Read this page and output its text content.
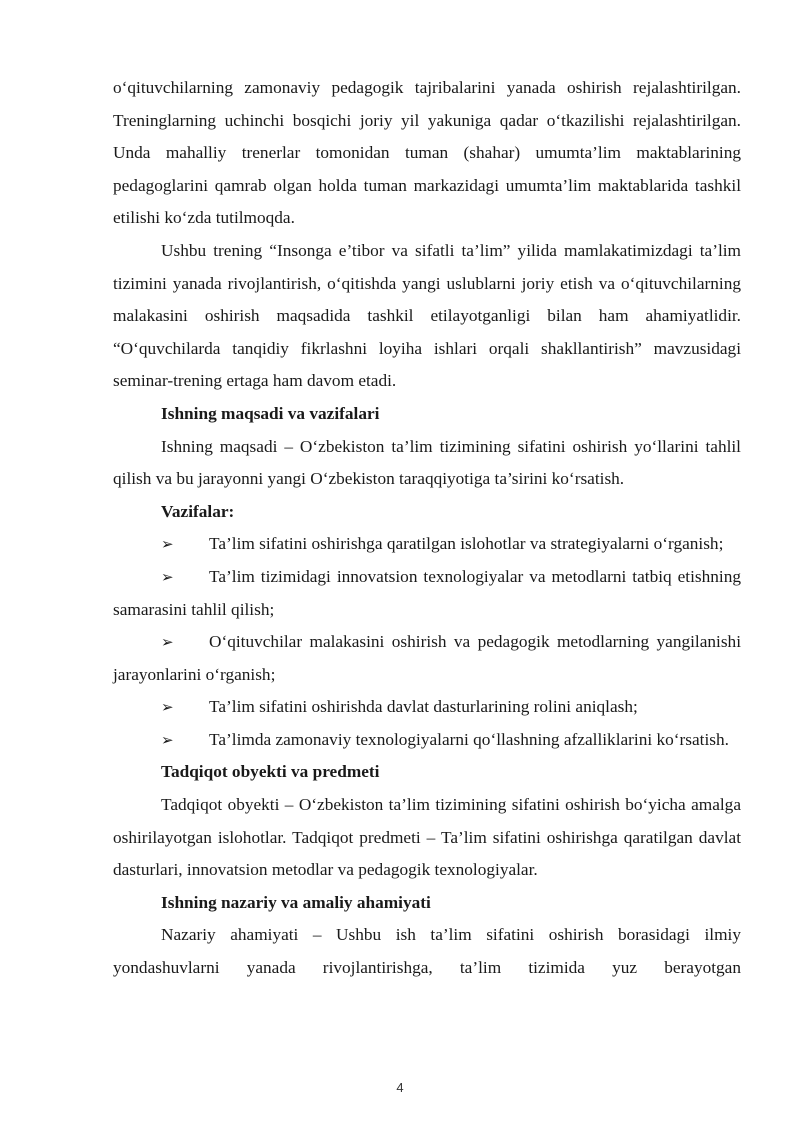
o‘qituvchilarning zamonaviy pedagogik tajribalarini yanada oshirish rejalashtirilgan. Treninglarning uchinchi bosqichi joriy yil yakuniga qadar o‘tkazilishi rejalashtirilgan. Unda mahalliy trenerlar tomonidan tuman (shahar) umumta’lim maktablarining pedagoglarini qamrab olgan holda tuman markazidagi umumta’lim maktablarida tashkil etilishi ko‘zda tutilmoqda.

Ushbu trening “Insonga e’tibor va sifatli ta’lim” yilida mamlakatimizdagi ta’lim tizimini yanada rivojlantirish, o‘qitishda yangi uslublarni joriy etish va o‘qituvchilarning malakasini oshirish maqsadida tashkil etilayotganligi bilan ham ahamiyatlidir. “O‘quvchilarda tanqidiy fikrlashni loyiha ishlari orqali shakllantirish” mavzusidagi seminar-trening ertaga ham davom etadi.

Ishning maqsadi va vazifalari

Ishning maqsadi – O‘zbekiston ta’lim tizimining sifatini oshirish yo‘llarini tahlil qilish va bu jarayonni yangi O‘zbekiston taraqqiyotiga ta’sirini ko‘rsatish.

Vazifalar:

➢ Ta’lim sifatini oshirishga qaratilgan islohotlar va strategiyalarni o‘rganish;

➢ Ta’lim tizimidagi innovatsion texnologiyalar va metodlarni tatbiq etishning samarasini tahlil qilish;

➢ O‘qituvchilar malakasini oshirish va pedagogik metodlarning yangilanishi jarayonlarini o‘rganish;

➢ Ta’lim sifatini oshirishda davlat dasturlarining rolini aniqlash;

➢ Ta’limda zamonaviy texnologiyalarni qo‘llashning afzalliklarini ko‘rsatish.

Tadqiqot obyekti va predmeti

Tadqiqot obyekti – O‘zbekiston ta’lim tizimining sifatini oshirish bo‘yicha amalga oshirilayotgan islohotlar. Tadqiqot predmeti – Ta’lim sifatini oshirishga qaratilgan davlat dasturlari, innovatsion metodlar va pedagogik texnologiyalar.

Ishning nazariy va amaliy ahamiyati

Nazariy ahamiyati – Ushbu ish ta’lim sifatini oshirish borasidagi ilmiy yondashuvlarni yanada rivojlantirishga, ta’lim tizimida yuz berayotgan

4
